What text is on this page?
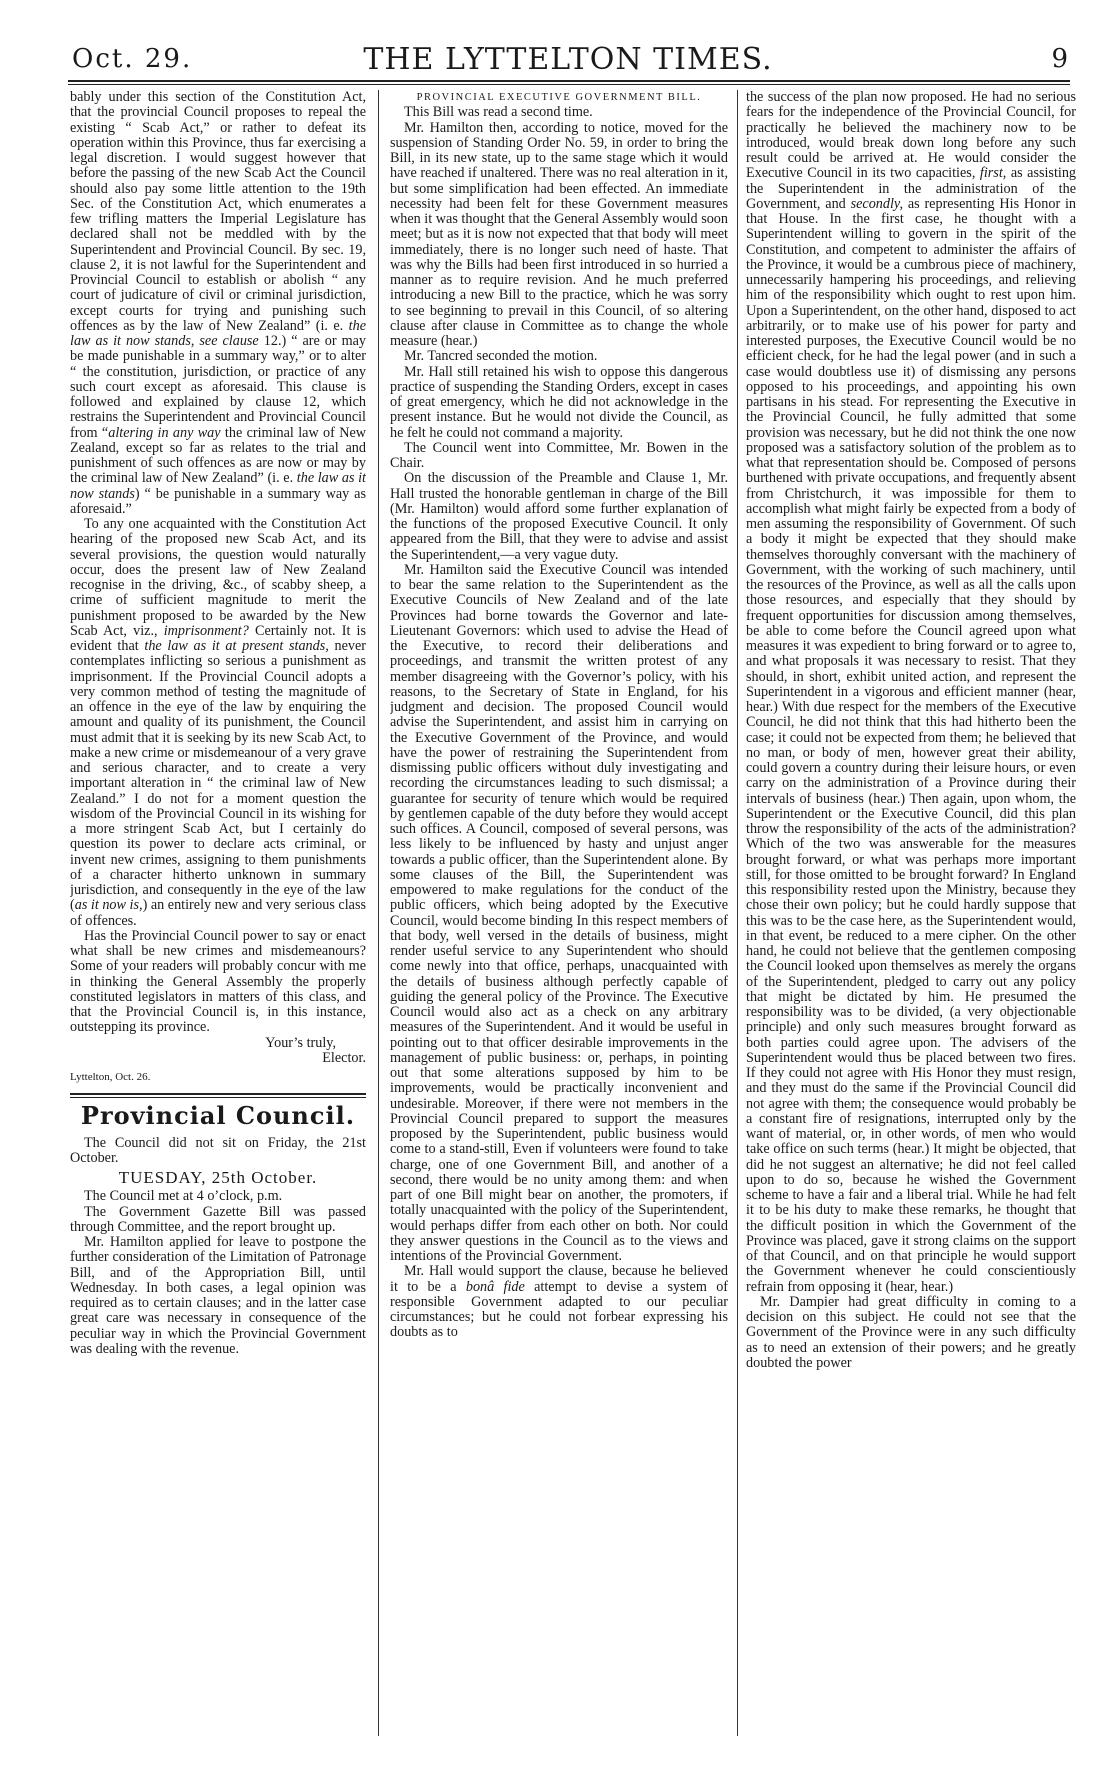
Oct. 29.	THE LYTTELTON TIMES.	9

bably under this section of the Constitution Act, that the provincial Council proposes to repeal the existing “ Scab Act,” or rather to defeat its operation within this Province, thus far exercising a legal discretion. I would suggest however that before the passing of the new Scab Act the Council should also pay some little attention to the 19th Sec. of the Constitution Act, which enumerates a few trifling matters the Imperial Legislature has declared shall not be meddled with by the Superintendent and Provincial Council. By sec. 19, clause 2, it is not lawful for the Superintendent and Provincial Council to establish or abolish “ any court of judicature of civil or criminal jurisdiction, except courts for trying and punishing such offences as by the law of New Zealand” (i. e. the law as it now stands, see clause 12.) “ are or may be made punishable in a summary way,” or to alter “ the constitution, jurisdiction, or practice of any such court except as aforesaid. This clause is followed and explained by clause 12, which restrains the Superintendent and Provincial Council from “altering in any way the criminal law of New Zealand, except so far as relates to the trial and punishment of such offences as are now or may by the criminal law of New Zealand” (i. e. the law as it now stands) “ be punishable in a summary way as aforesaid.”

To any one acquainted with the Constitution Act hearing of the proposed new Scab Act, and its several provisions, the question would naturally occur, does the present law of New Zealand recognise in the driving, &c., of scabby sheep, a crime of sufficient magnitude to merit the punishment proposed to be awarded by the New Scab Act, viz., imprisonment? Certainly not. It is evident that the law as it at present stands, never contemplates inflicting so serious a punishment as imprisonment. If the Provincial Council adopts a very common method of testing the magnitude of an offence in the eye of the law by enquiring the amount and quality of its punishment, the Council must admit that it is seeking by its new Scab Act, to make a new crime or misdemeanour of a very grave and serious character, and to create a very important alteration in “ the criminal law of New Zealand.” I do not for a moment question the wisdom of the Provincial Council in its wishing for a more stringent Scab Act, but I certainly do question its power to declare acts criminal, or invent new crimes, assigning to them punishments of a character hitherto unknown in summary jurisdiction, and consequently in the eye of the law (as it now is,) an entirely new and very serious class of offences.

Has the Provincial Council power to say or enact what shall be new crimes and misdemeanours? Some of your readers will probably concur with me in thinking the General Assembly the properly constituted legislators in matters of this class, and that the Provincial Council is, in this instance, outstepping its province.

Your’s truly,
Elector.

Lyttelton, Oct. 26.

Provincial Council.

The Council did not sit on Friday, the 21st October.

TUESDAY, 25th October.

The Council met at 4 o’clock, p.m.

The Government Gazette Bill was passed through Committee, and the report brought up.

Mr. Hamilton applied for leave to postpone the further consideration of the Limitation of Patronage Bill, and of the Appropriation Bill, until Wednesday. In both cases, a legal opinion was required as to certain clauses; and in the latter case great care was necessary in consequence of the peculiar way in which the Provincial Government was dealing with the revenue.

PROVINCIAL EXECUTIVE GOVERNMENT BILL.

This Bill was read a second time.

Mr. Hamilton then, according to notice, moved for the suspension of Standing Order No. 59, in order to bring the Bill, in its new state, up to the same stage which it would have reached if unaltered. There was no real alteration in it, but some simplification had been effected. An immediate necessity had been felt for these Government measures when it was thought that the General Assembly would soon meet; but as it is now not expected that that body will meet immediately, there is no longer such need of haste. That was why the Bills had been first introduced in so hurried a manner as to require revision. And he much preferred introducing a new Bill to the practice, which he was sorry to see beginning to prevail in this Council, of so altering clause after clause in Committee as to change the whole measure (hear.)

Mr. Tancred seconded the motion.

Mr. Hall still retained his wish to oppose this dangerous practice of suspending the Standing Orders, except in cases of great emergency, which he did not acknowledge in the present instance. But he would not divide the Council, as he felt he could not command a majority.

The Council went into Committee, Mr. Bowen in the Chair.

On the discussion of the Preamble and Clause 1, Mr. Hall trusted the honorable gentleman in charge of the Bill (Mr. Hamilton) would afford some further explanation of the functions of the proposed Executive Council. It only appeared from the Bill, that they were to advise and assist the Superintendent,—a very vague duty.

Mr. Hamilton said the Executive Council was intended to bear the same relation to the Superintendent as the Executive Councils of New Zealand and of the late Provinces had borne towards the Governor and late-Lieutenant Governors: which used to advise the Head of the Executive, to record their deliberations and proceedings, and transmit the written protest of any member disagreeing with the Governor’s policy, with his reasons, to the Secretary of State in England, for his judgment and decision. The proposed Council would advise the Superintendent, and assist him in carrying on the Executive Government of the Province, and would have the power of restraining the Superintendent from dismissing public officers without duly investigating and recording the circumstances leading to such dismissal; a guarantee for security of tenure which would be required by gentlemen capable of the duty before they would accept such offices. A Council, composed of several persons, was less likely to be influenced by hasty and unjust anger towards a public officer, than the Superintendent alone. By some clauses of the Bill, the Superintendent was empowered to make regulations for the conduct of the public officers, which being adopted by the Executive Council, would become binding In this respect members of that body, well versed in the details of business, might render useful service to any Superintendent who should come newly into that office, perhaps, unacquainted with the details of business although perfectly capable of guiding the general policy of the Province. The Executive Council would also act as a check on any arbitrary measures of the Superintendent. And it would be useful in pointing out to that officer desirable improvements in the management of public business: or, perhaps, in pointing out that some alterations supposed by him to be improvements, would be practically inconvenient and undesirable. Moreover, if there were not members in the Provincial Council prepared to support the measures proposed by the Superintendent, public business would come to a stand-still, Even if volunteers were found to take charge, one of one Government Bill, and another of a second, there would be no unity among them: and when part of one Bill might bear on another, the promoters, if totally unacquainted with the policy of the Superintendent, would perhaps differ from each other on both. Nor could they answer questions in the Council as to the views and intentions of the Provincial Government.

Mr. Hall would support the clause, because he believed it to be a bonâ fide attempt to devise a system of responsible Government adapted to our peculiar circumstances; but he could not forbear expressing his doubts as to

the success of the plan now proposed. He had no serious fears for the independence of the Provincial Council, for practically he believed the machinery now to be introduced, would break down long before any such result could be arrived at. He would consider the Executive Council in its two capacities, first, as assisting the Superintendent in the administration of the Government, and secondly, as representing His Honor in that House. In the first case, he thought with a Superintendent willing to govern in the spirit of the Constitution, and competent to administer the affairs of the Province, it would be a cumbrous piece of machinery, unnecessarily hampering his proceedings, and relieving him of the responsibility which ought to rest upon him. Upon a Superintendent, on the other hand, disposed to act arbitrarily, or to make use of his power for party and interested purposes, the Executive Council would be no efficient check, for he had the legal power (and in such a case would doubtless use it) of dismissing any persons opposed to his proceedings, and appointing his own partisans in his stead. For representing the Executive in the Provincial Council, he fully admitted that some provision was necessary, but he did not think the one now proposed was a satisfactory solution of the problem as to what that representation should be. Composed of persons burthened with private occupations, and frequently absent from Christchurch, it was impossible for them to accomplish what might fairly be expected from a body of men assuming the responsibility of Government. Of such a body it might be expected that they should make themselves thoroughly conversant with the machinery of Government, with the working of such machinery, until the resources of the Province, as well as all the calls upon those resources, and especially that they should by frequent opportunities for discussion among themselves, be able to come before the Council agreed upon what measures it was expedient to bring forward or to agree to, and what proposals it was necessary to resist. That they should, in short, exhibit united action, and represent the Superintendent in a vigorous and efficient manner (hear, hear.) With due respect for the members of the Executive Council, he did not think that this had hitherto been the case; it could not be expected from them; he believed that no man, or body of men, however great their ability, could govern a country during their leisure hours, or even carry on the administration of a Province during their intervals of business (hear.) Then again, upon whom, the Superintendent or the Executive Council, did this plan throw the responsibility of the acts of the administration? Which of the two was answerable for the measures brought forward, or what was perhaps more important still, for those omitted to be brought forward? In England this responsibility rested upon the Ministry, because they chose their own policy; but he could hardly suppose that this was to be the case here, as the Superintendent would, in that event, be reduced to a mere cipher. On the other hand, he could not believe that the gentlemen composing the Council looked upon themselves as merely the organs of the Superintendent, pledged to carry out any policy that might be dictated by him. He presumed the responsibility was to be divided, (a very objectionable principle) and only such measures brought forward as both parties could agree upon. The advisers of the Superintendent would thus be placed between two fires. If they could not agree with His Honor they must resign, and they must do the same if the Provincial Council did not agree with them; the consequence would probably be a constant fire of resignations, interrupted only by the want of material, or, in other words, of men who would take office on such terms (hear.) It might be objected, that did he not suggest an alternative; he did not feel called upon to do so, because he wished the Government scheme to have a fair and a liberal trial. While he had felt it to be his duty to make these remarks, he thought that the difficult position in which the Government of the Province was placed, gave it strong claims on the support of that Council, and on that principle he would support the Government whenever he could conscientiously refrain from opposing it (hear, hear.)

Mr. Dampier had great difficulty in coming to a decision on this subject. He could not see that the Government of the Province were in any such difficulty as to need an extension of their powers; and he greatly doubted the power
